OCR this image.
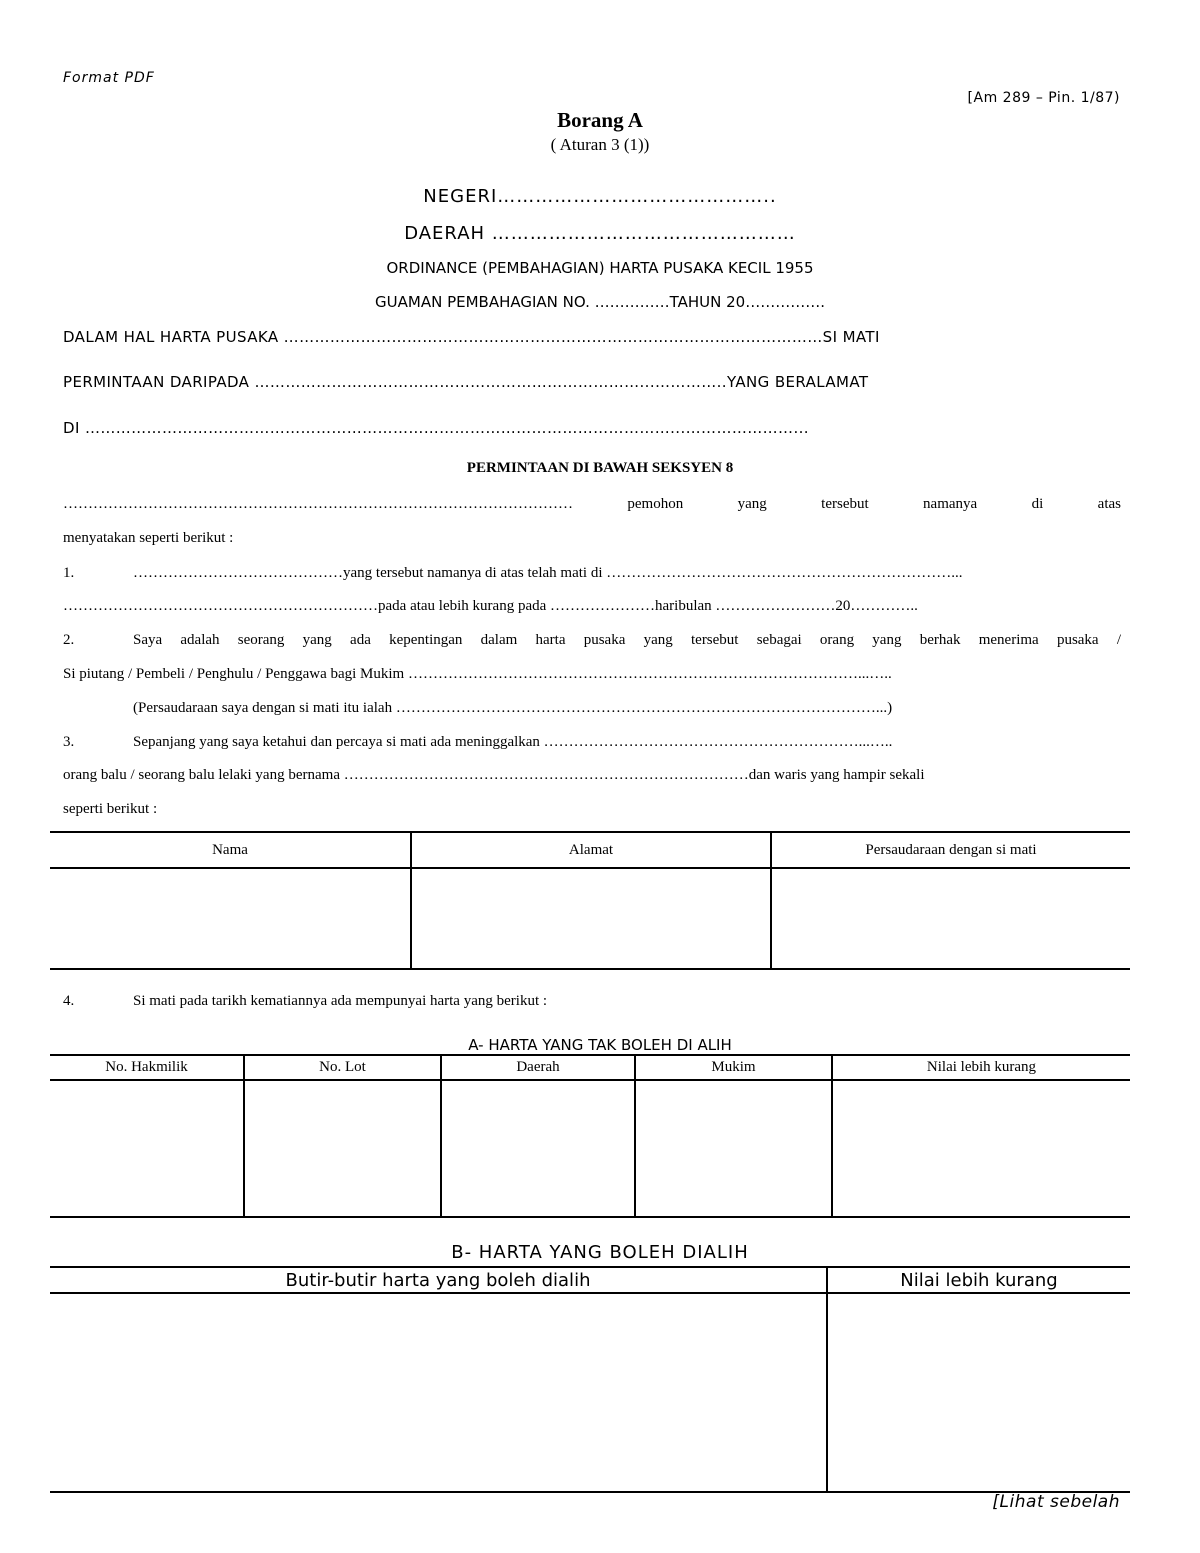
Format PDF
[Am 289 – Pin. 1/87)
Borang A
( Aturan 3 (1))
NEGERI……………………………………..
DAERAH …………………………………………
ORDINANCE (PEMBAHAGIAN) HARTA PUSAKA KECIL 1955
GUAMAN PEMBAHAGIAN NO. ……………TAHUN 20…………….
DALAM HAL HARTA PUSAKA ……………………………………………………………………………………………SI MATI
PERMINTAAN DARIPADA …………………………………………………………………...…………..YANG BERALAMAT
DI ……………………………………………………………………………………………………...…………………...
PERMINTAAN DI BAWAH SEKSYEN 8
………………………………………………………………………………………… pemohon yang tersebut namanya di atas
menyatakan seperti berikut :
1.	……………………………………yang tersebut namanya di atas telah mati di ……………………………………………………………...
………………………………………………………pada atau lebih kurang pada …………………haribulan ……………………20…………..
2.	Saya adalah seorang yang ada kepentingan dalam harta pusaka yang tersebut sebagai orang yang berhak menerima pusaka /
Si piutang / Pembeli / Penghulu / Penggawa bagi Mukim ………………………………………………………………………………...…..
(Persaudaraan saya dengan si mati itu ialah ……………………………………………………………………………………...)
3.	Sepanjang yang saya ketahui dan percaya si mati ada meninggalkan ………………………………………………………...…..
orang balu / seorang balu lelaki yang bernama ………………………………………………………………………dan waris yang hampir sekali
seperti berikut :
Nama	Alamat	Persaudaraan dengan si mati

4.	Si mati pada tarikh kematiannya ada mempunyai harta yang berikut :
A- HARTA YANG TAK BOLEH DI ALIH
No. Hakmilik	No. Lot	Daerah	Mukim	Nilai lebih kurang

B- HARTA YANG BOLEH DIALIH
Butir-butir harta yang boleh dialih	Nilai lebih kurang

[Lihat sebelah
